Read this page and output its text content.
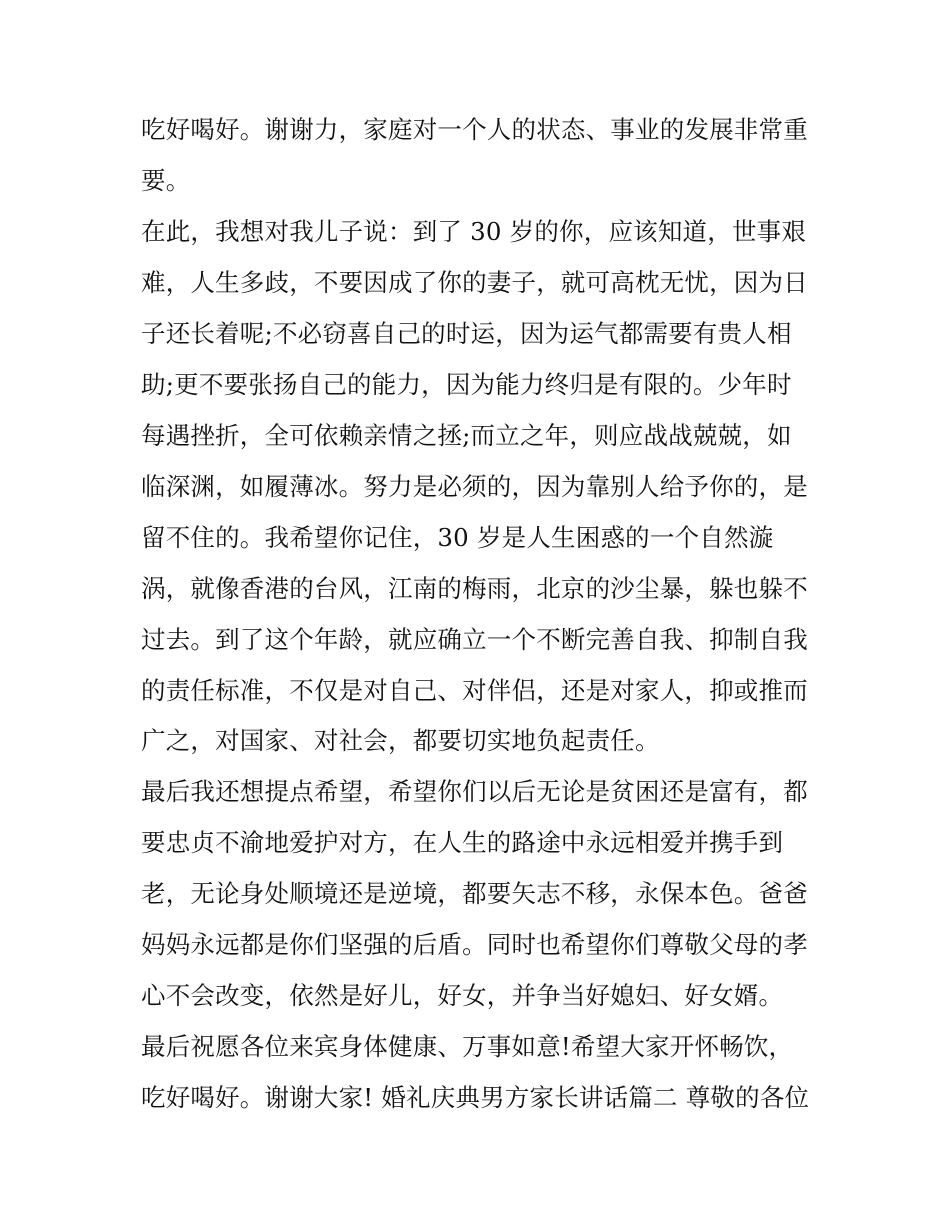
吃好喝好。谢谢力，家庭对一个人的状态、事业的发展非常重
要。
在此，我想对我儿子说：到了 30 岁的你，应该知道，世事艰
难，人生多歧，不要因成了你的妻子，就可高枕无忧，因为日
子还长着呢;不必窃喜自己的时运，因为运气都需要有贵人相
助;更不要张扬自己的能力，因为能力终归是有限的。少年时
每遇挫折，全可依赖亲情之拯;而立之年，则应战战兢兢，如
临深渊，如履薄冰。努力是必须的，因为靠别人给予你的，是
留不住的。我希望你记住，30 岁是人生困惑的一个自然漩
涡，就像香港的台风，江南的梅雨，北京的沙尘暴，躲也躲不
过去。到了这个年龄，就应确立一个不断完善自我、抑制自我
的责任标准，不仅是对自己、对伴侣，还是对家人，抑或推而
广之，对国家、对社会，都要切实地负起责任。
最后我还想提点希望，希望你们以后无论是贫困还是富有，都
要忠贞不渝地爱护对方，在人生的路途中永远相爱并携手到
老，无论身处顺境还是逆境，都要矢志不移，永保本色。爸爸
妈妈永远都是你们坚强的后盾。同时也希望你们尊敬父母的孝
心不会改变，依然是好儿，好女，并争当好媳妇、好女婿。
最后祝愿各位来宾身体健康、万事如意!希望大家开怀畅饮，
吃好喝好。谢谢大家! 婚礼庆典男方家长讲话篇二 尊敬的各位
